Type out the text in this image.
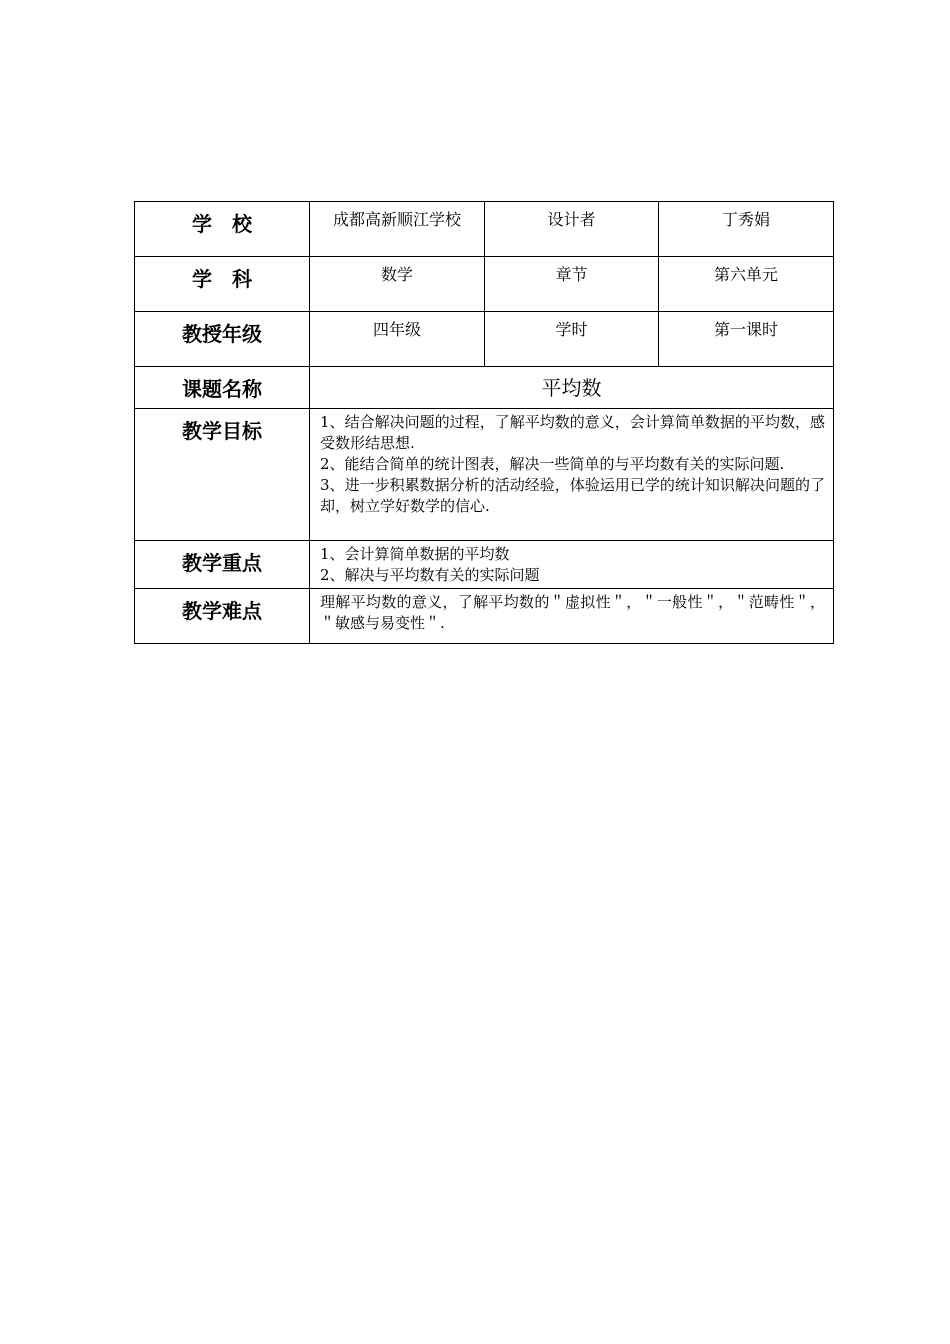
学　校	成都高新顺江学校	设计者	丁秀娟
学　科	数学	章节	第六单元
教授年级	四年级	学时	第一课时
课题名称	平均数		
教学目标	1、结合解决问题的过程，了解平均数的意义，会计算简单数据的平均数，感受数形结思想.
2、能结合简单的统计图表，解决一些简单的与平均数有关的实际问题.
3、进一步积累数据分析的活动经验，体验运用已学的统计知识解决问题的了却，树立学好数学的信心.		

教学重点	1、会计算简单数据的平均数
2、解决与平均数有关的实际问题		

教学难点	理解平均数的意义，了解平均数的＂虚拟性＂，＂一般性＂，＂范畴性＂，＂敏感与易变性＂.		
